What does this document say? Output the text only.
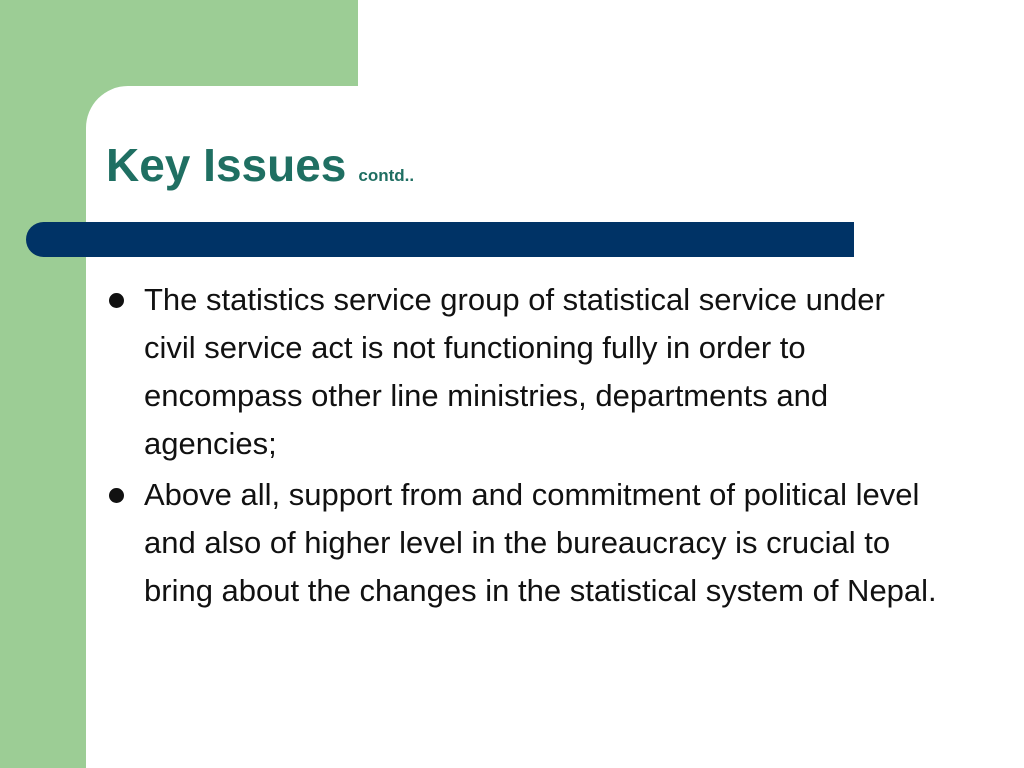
Key Issues contd..
The statistics service group of statistical service under civil service act is not functioning fully in order to encompass other line ministries, departments and agencies;
Above all, support from and commitment of political level and also of higher level in the bureaucracy is crucial to bring about the changes in the statistical system of Nepal.
